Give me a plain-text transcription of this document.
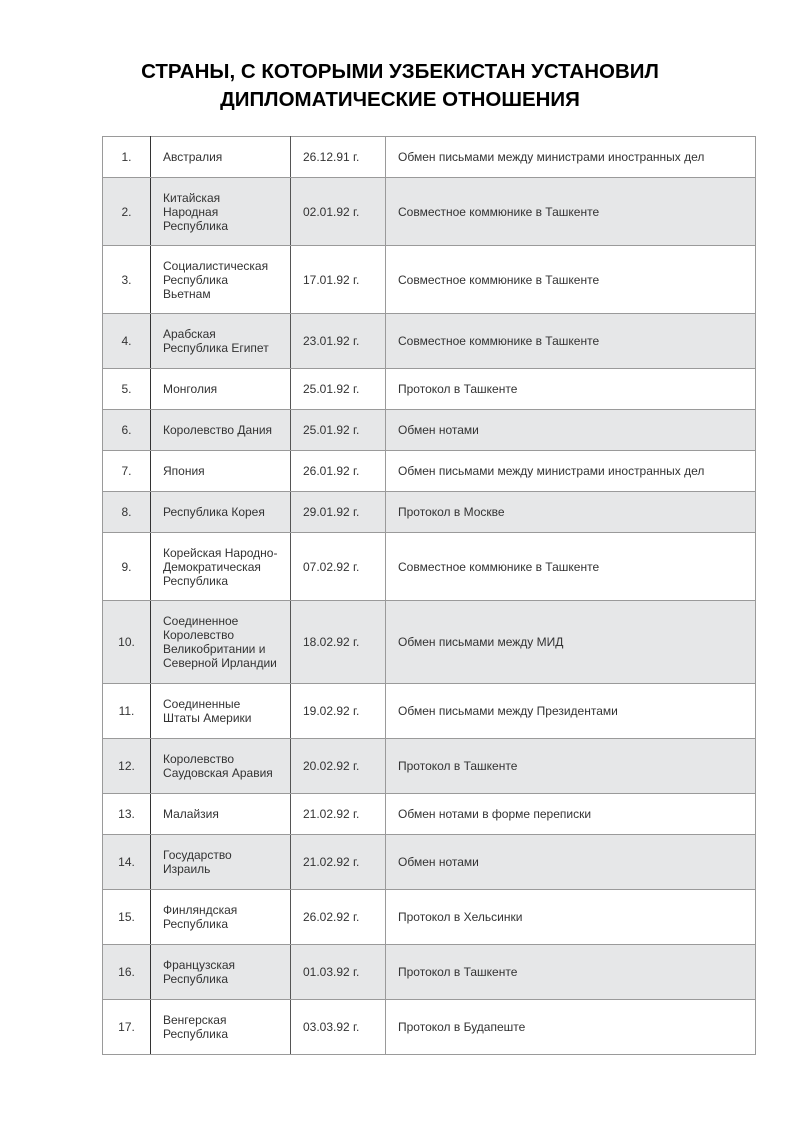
СТРАНЫ, С КОТОРЫМИ УЗБЕКИСТАН УСТАНОВИЛ
ДИПЛОМАТИЧЕСКИЕ ОТНОШЕНИЯ
1.	Австралия	26.12.91 г.	Обмен письмами между министрами иностранных дел
2.	Китайская
Народная
Республика	02.01.92 г.	Совместное коммюнике в Ташкенте
3.	Социалистическая
Республика
Вьетнам	17.01.92 г.	Совместное коммюнике в Ташкенте
4.	Арабская
Республика Египет	23.01.92 г.	Совместное коммюнике в Ташкенте
5.	Монголия	25.01.92 г.	Протокол в Ташкенте
6.	Королевство Дания	25.01.92 г.	Обмен нотами
7.	Япония	26.01.92 г.	Обмен письмами между министрами иностранных дел
8.	Республика Корея	29.01.92 г.	Протокол в Москве
9.	Корейская Народно-
Демократическая
Республика	07.02.92 г.	Совместное коммюнике в Ташкенте
10.	Соединенное
Королевство
Великобритании и
Северной Ирландии	18.02.92 г.	Обмен письмами между МИД
11.	Соединенные
Штаты Америки	19.02.92 г.	Обмен письмами между Президентами
12.	Королевство
Саудовская Аравия	20.02.92 г.	Протокол в Ташкенте
13.	Малайзия	21.02.92 г.	Обмен нотами в форме переписки
14.	Государство
Израиль	21.02.92 г.	Обмен нотами
15.	Финляндская
Республика	26.02.92 г.	Протокол в Хельсинки
16.	Французская
Республика	01.03.92 г.	Протокол в Ташкенте
17.	Венгерская
Республика	03.03.92 г.	Протокол в Будапеште
